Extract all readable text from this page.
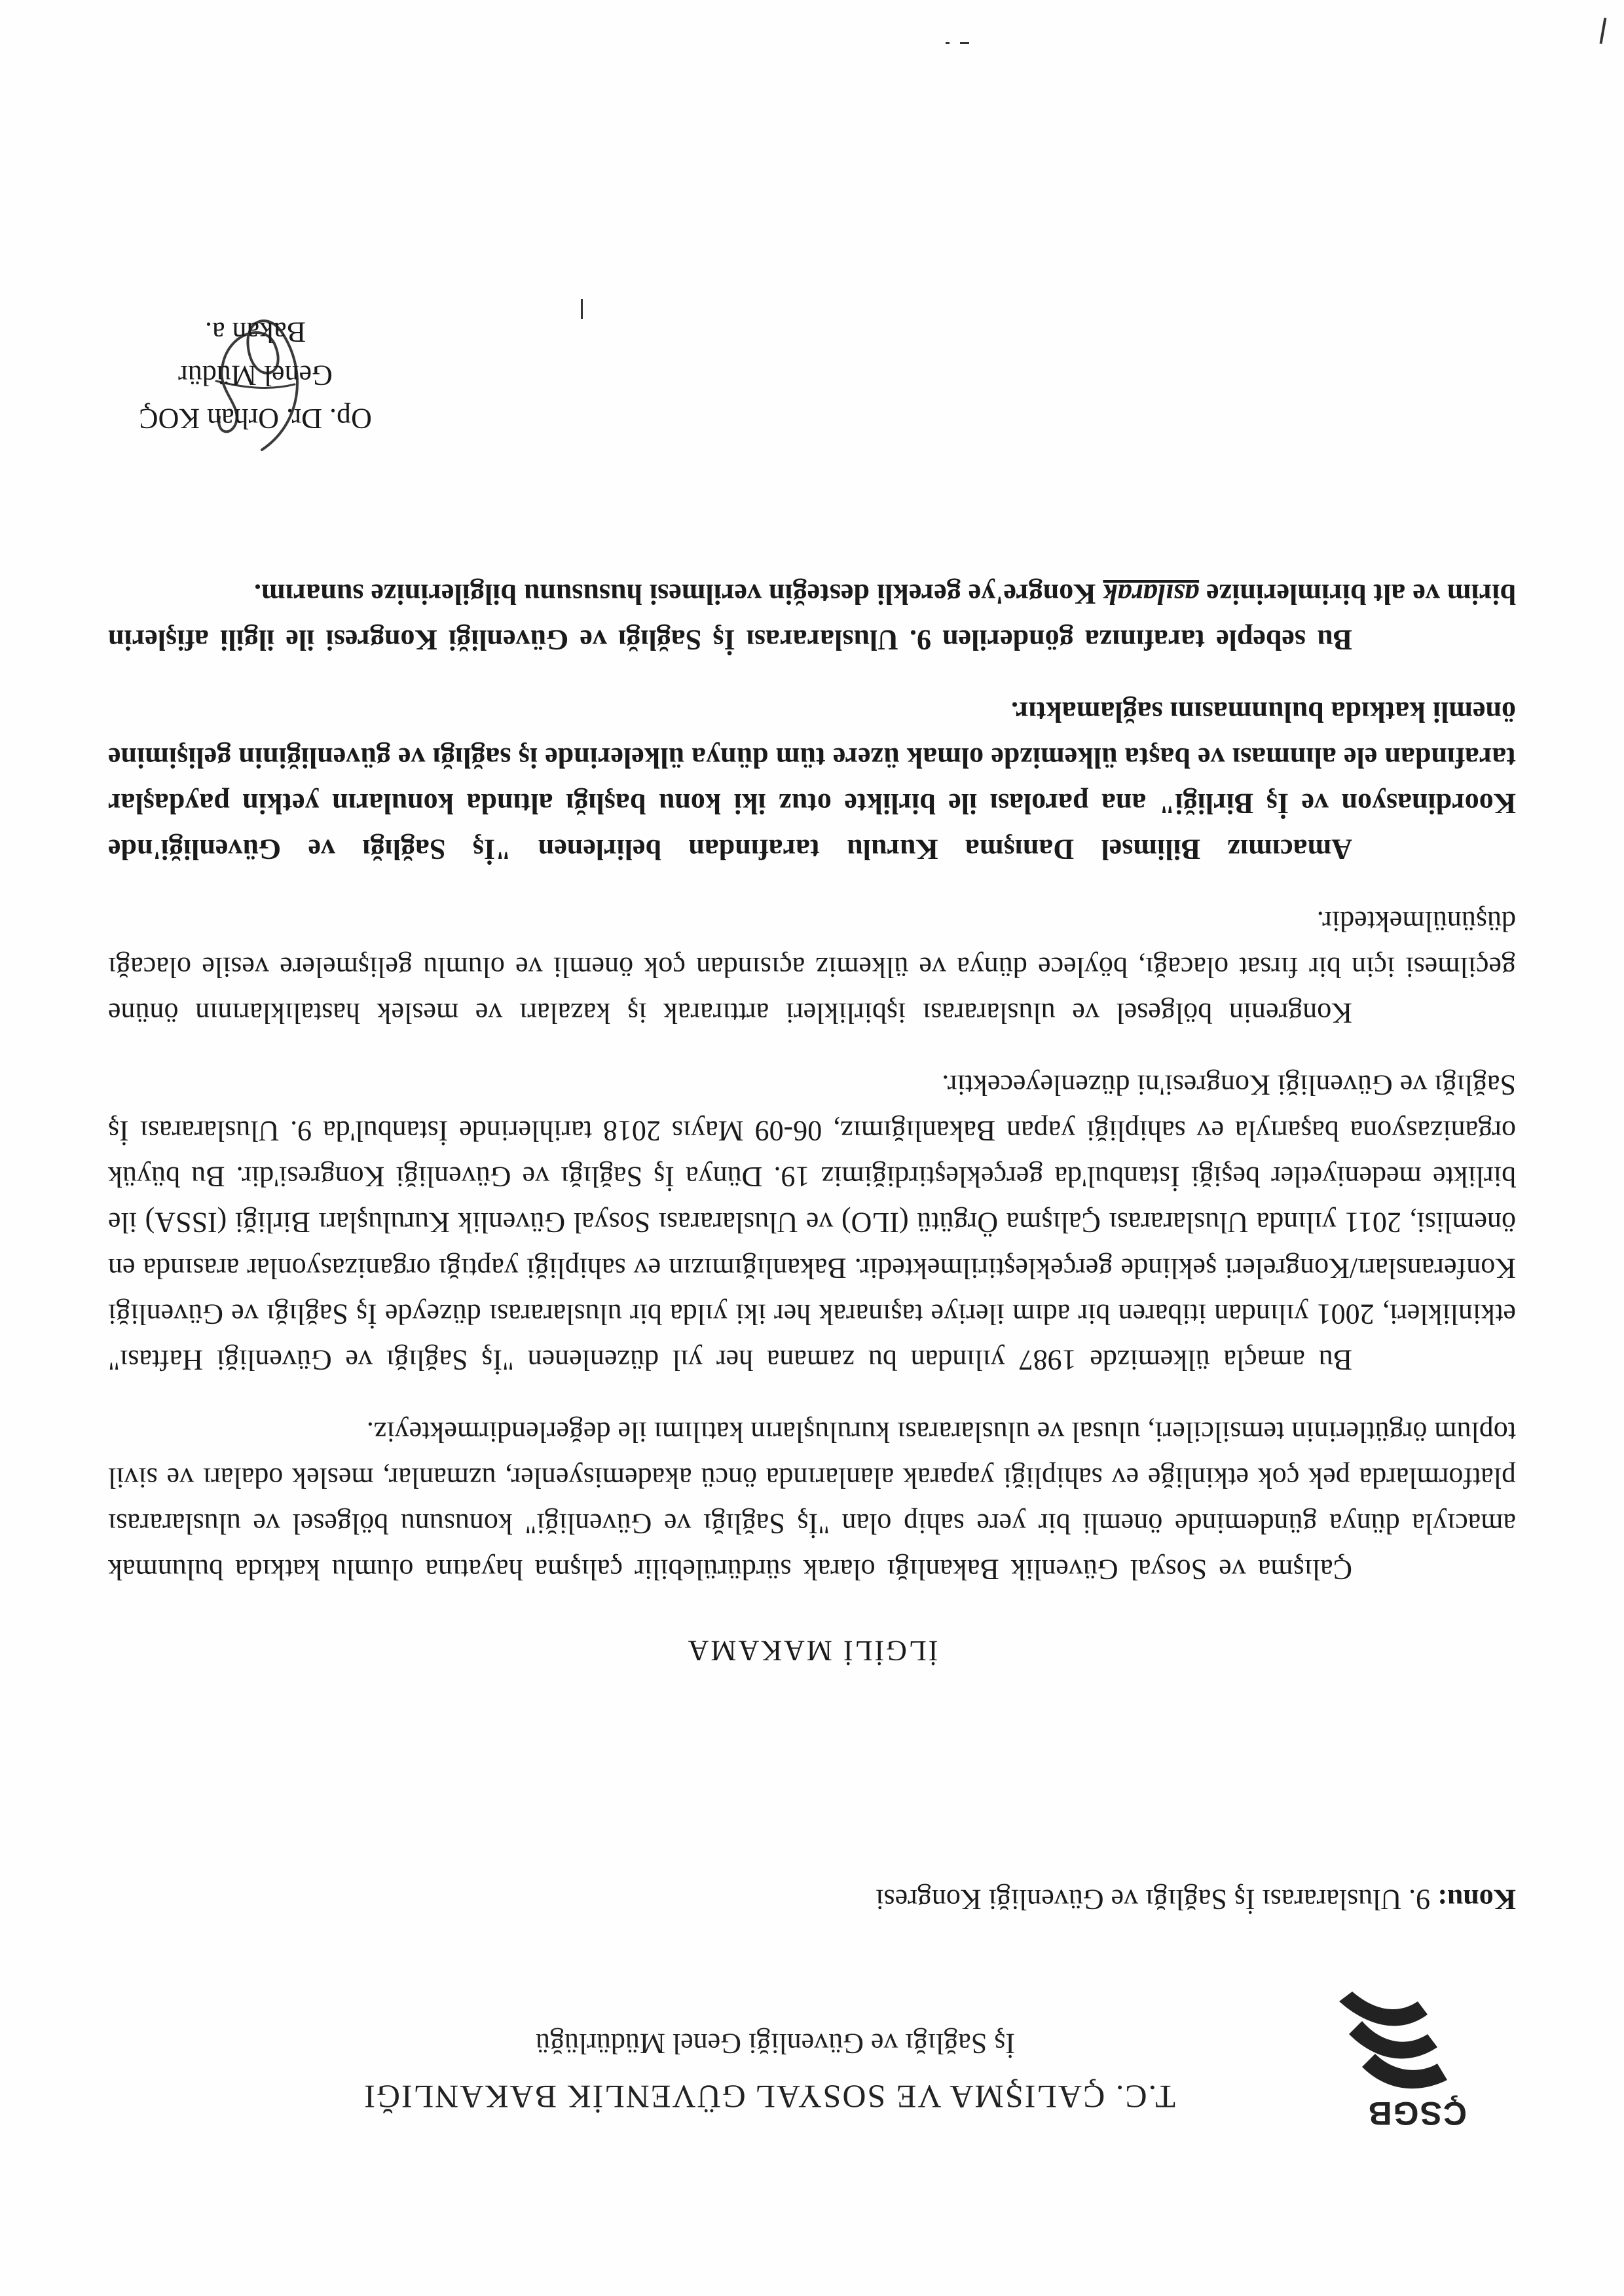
ÇSGB
T.C. ÇALIŞMA VE SOSYAL GÜVENLİK BAKANLIĞI
İş Sağlığı ve Güvenliği Genel Müdürlüğü
Konu: 9. Uluslararası İş Sağlığı ve Güvenliği Kongresi
İLGİLİ MAKAMA

Çalışma ve Sosyal Güvenlik Bakanlığı olarak sürdürülebilir çalışma hayatına olumlu katkıda bulunmak amacıyla dünya gündeminde önemli bir yere sahip olan "İş Sağlığı ve Güvenliği" konusunu bölgesel ve uluslararası platformlarda pek çok etkinliğe ev sahipliği yaparak alanlarında öncü akademisyenler, uzmanlar, meslek odaları ve sivil toplum örgütlerinin temsilcileri, ulusal ve uluslararası kuruluşların katılımı ile değerlendirmekteyiz.

Bu amaçla ülkemizde 1987 yılından bu zamana her yıl düzenlenen "İş Sağlığı ve Güvenliği Haftası" etkinlikleri, 2001 yılından itibaren bir adım ileriye taşınarak her iki yılda bir uluslararası düzeyde İş Sağlığı ve Güvenliği Konferansları/Kongreleri şeklinde gerçekleştirilmektedir. Bakanlığımızın ev sahipliği yaptığı organizasyonlar arasında en önemlisi, 2011 yılında Uluslararası Çalışma Örgütü (ILO) ve Uluslararası Sosyal Güvenlik Kuruluşları Birliği (ISSA) ile birlikte medeniyetler beşiği İstanbul'da gerçekleştirdiğimiz 19. Dünya İş Sağlığı ve Güvenliği Kongresi'dir. Bu büyük organizasyona başarıyla ev sahipliği yapan Bakanlığımız, 06-09 Mayıs 2018 tarihlerinde İstanbul'da 9. Uluslararası İş Sağlığı ve Güvenliği Kongresi'ni düzenleyecektir.

Kongrenin bölgesel ve uluslararası işbirlikleri arttırarak iş kazaları ve meslek hastalıklarının önüne geçilmesi için bir fırsat olacağı, böylece dünya ve ülkemiz açısından çok önemli ve olumlu gelişmelere vesile olacağı düşünülmektedir.

Amacımız Bilimsel Danışma Kurulu tarafından belirlenen "İş Sağlığı ve Güvenliği'nde Koordinasyon ve İş Birliği" ana parolası ile birlikte otuz iki konu başlığı altında konuların yetkin paydaşlar tarafından ele alınması ve başta ülkemizde olmak üzere tüm dünya ülkelerinde iş sağlığı ve güvenliğinin gelişimine önemli katkıda bulunmasını sağlamaktır.

Bu sebeple tarafınıza gönderilen 9. Uluslararası İş Sağlığı ve Güvenliği Kongresi ile ilgili afişlerin birim ve alt birimlerinize asılarak Kongre'ye gerekli desteğin verilmesi hususunu bilgilerinize sunarım.

Op. Dr. Orhan KOÇ
Genel Müdür
Bakan a.
